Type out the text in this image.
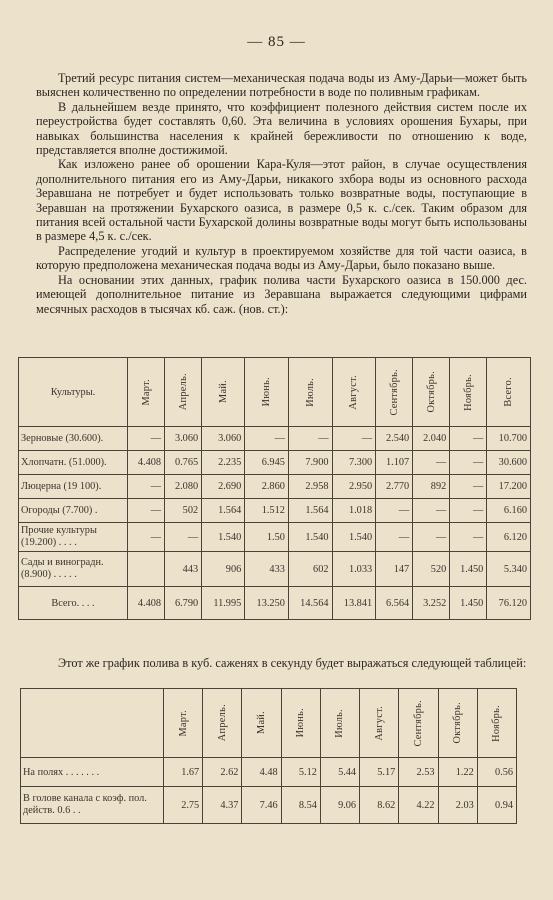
— 85 —

Третий ресурс питания систем—механическая подача воды из Аму-Дарьи—может быть выяснен количественно по определении потребности в воде по поливным графикам.

В дальнейшем везде принято, что коэффициент полезного действия систем после их переустройства будет составлять 0,60. Эта величина в условиях орошения Бухары, при навыках большинства населения к крайней бережливости по отношению к воде, представляется вполне достижимой.

Как изложено ранее об орошении Кара-Куля—этот район, в случае осуществления дополнительного питания его из Аму-Дарьи, никакого зхбора воды из основного расхода Зеравшана не потребует и будет использовать только возвратные воды, поступающие в Зеравшан на протяжении Бухарского оазиса, в размере 0,5 к. с./сек. Таким образом для питания всей остальной части Бухарской долины возвратные воды могут быть использованы в размере 4,5 к. с./сек.

Распределение угодий и культур в проектируемом хозяйстве для той части оазиса, в которую предположена механическая подача воды из Аму-Дарьи, было показано выше.

На основании этих данных, график полива части Бухарского оазиса в 150.000 дес. имеющей дополнительное питание из Зеравшана выражается следующими цифрами месячных расходов в тысячах кб. саж. (нов. ст.):

Культуры.	Март.	Апрель.	Май.	Июнь.	Июль.	Август.	Сентябрь.	Октябрь.	Ноябрь.	Всего.

Зерновые (30.600).	—	3.060	3.060	—	—	—	2.540	2.040	—	10.700
Хлопчатн. (51.000).	4.408	0.765	2.235	6.945	7.900	7.300	1.107	—	—	30.600
Люцерна (19 100).	—	2.080	2.690	2.860	2.958	2.950	2.770	892	—	17.200
Огороды (7.700) .	—	502	1.564	1.512	1.564	1.018	—	—	—	6.160
Прочие культуры (19.200) . . . .	—	—	1.540	1.50	1.540	1.540	—	—	—	6.120
Сады и виноградн. (8.900) . . . . .		443	906	433	602	1.033	147	520	1.450	5.340
Всего. . . .	4.408	6.790	11.995	13.250	14.564	13.841	6.564	3.252	1.450	76.120

Этот же график полива в куб. саженях в секунду будет выражаться следующей таблицей:

	Март.	Апрель.	Май.	Июнь.	Июль.	Август.	Сентябрь.	Октябрь.	Ноябрь.

На полях . . . . . . .	1.67	2.62	4.48	5.12	5.44	5.17	2.53	1.22	0.56
В голове канала с коэф. пол. действ. 0.6 . .	2.75	4.37	7.46	8.54	9.06	8.62	4.22	2.03	0.94
